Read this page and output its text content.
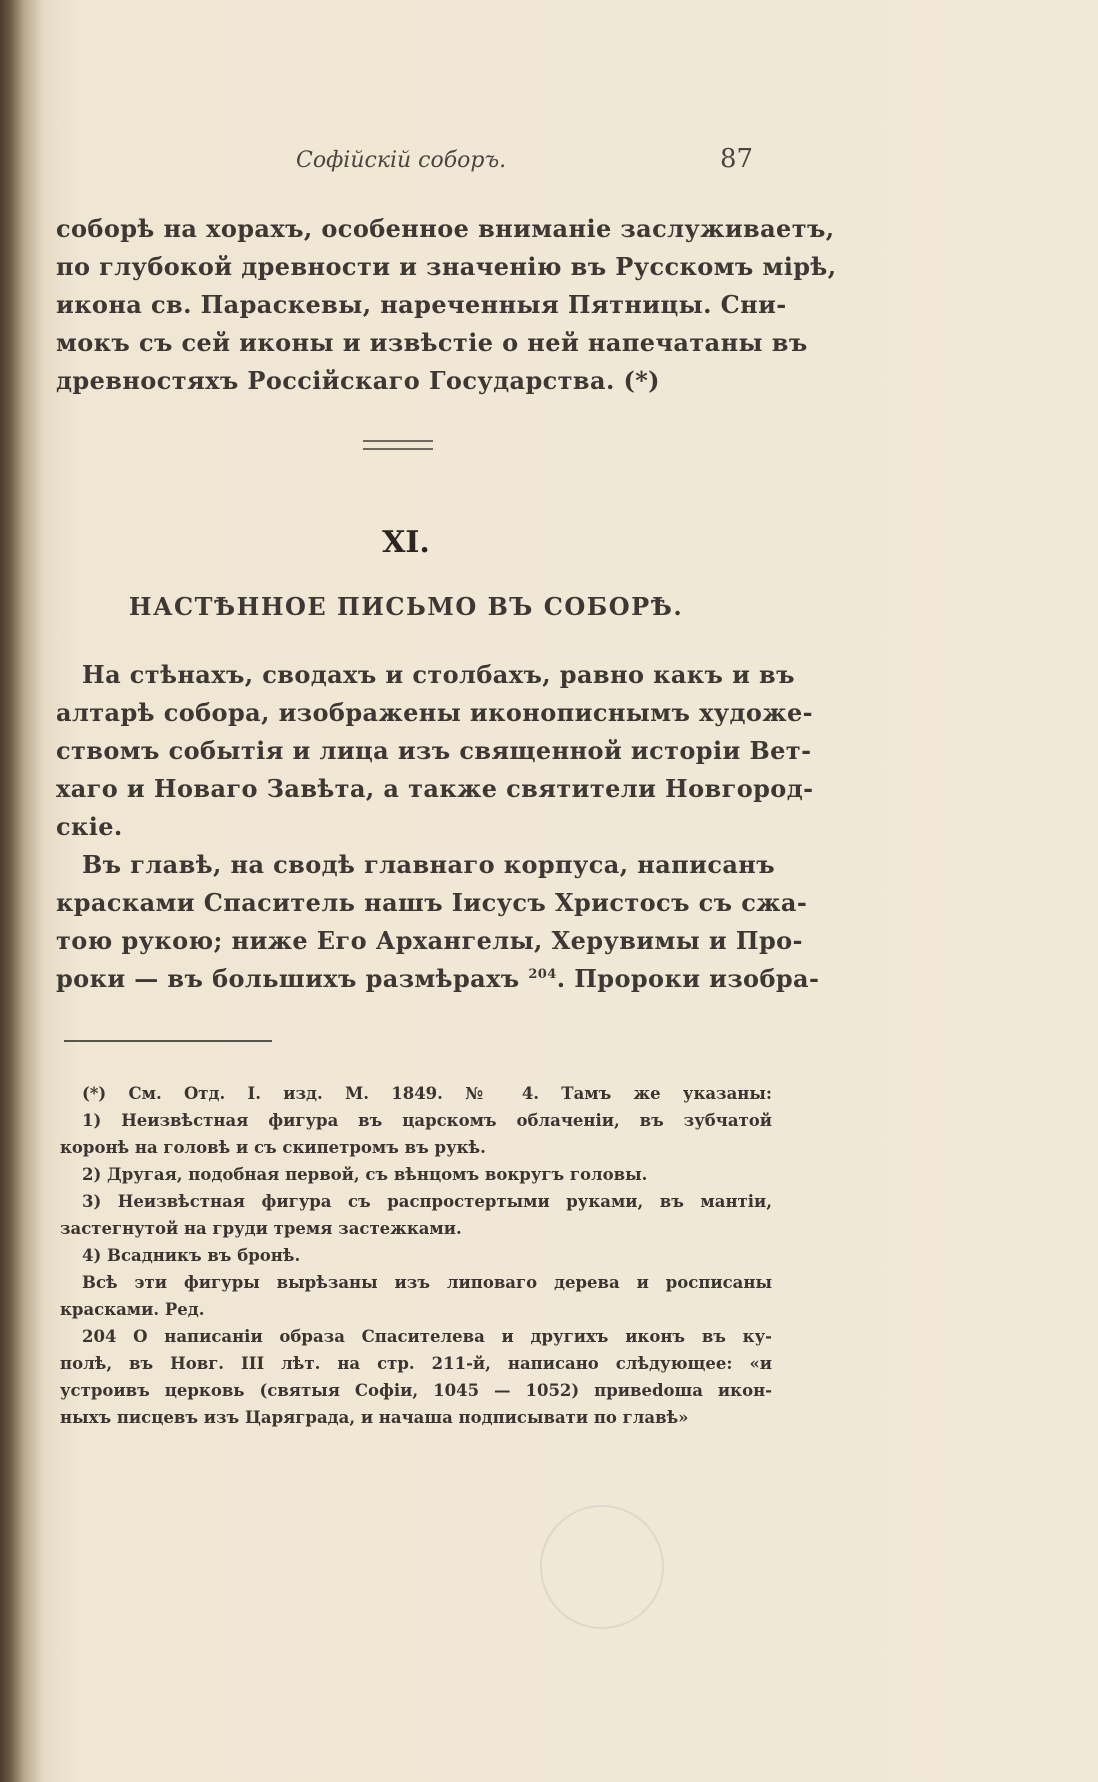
Софійскій соборъ.	87
соборѣ на хорахъ, особенное вниманіе заслуживаетъ,
по глубокой древности и значенію въ Русскомъ мірѣ,
икона св. Параскевы, нареченныя Пятницы. Сни-
мокъ съ сей иконы и извѣстіе о ней напечатаны въ
древностяхъ Россійскаго Государства. (*)
XI.
НАСТѢННОЕ ПИСЬМО ВЪ СОБОРѢ.
На стѣнахъ, сводахъ и столбахъ, равно какъ и въ
алтарѣ собора, изображены иконописнымъ художе-
ствомъ событія и лица изъ священной исторіи Вет-
хаго и Новаго Завѣта, а также святители Новгород-
скіе.
Въ главѣ, на сводѣ главнаго корпуса, написанъ
красками Спаситель нашъ Іисусъ Христосъ съ сжа-
тою рукою; ниже Его Архангелы, Херувимы и Про-
роки — въ большихъ размѣрахъ $^{204}$. Пророки изобра-
(*) См. Отд. I. изд. М. 1849. № 4. Тамъ же указаны:
1) Неизвѣстная фигура въ царскомъ облаченіи, въ зубчатой
коронѣ на головѣ и съ скипетромъ въ рукѣ.
2) Другая, подобная первой, съ вѣнцомъ вокругъ головы.
3) Неизвѣстная фигура съ распростертыми руками, въ мантіи,
застегнутой на груди тремя застежками.
4) Всадникъ въ бронѣ.
Всѣ эти фигуры вырѣзаны изъ липоваго дерева и росписаны
красками. Ред.
204 О написаніи образа Спасителева и другихъ иконъ въ ку-
полѣ, въ Новг. III лѣт. на стр. 211-й, написано слѣдующее: «и
устроивъ церковь (святыя Софіи, 1045 — 1052) привedoша икон-
ныхъ писцевъ изъ Царяграда, и начаша подписывати по главѣ»
